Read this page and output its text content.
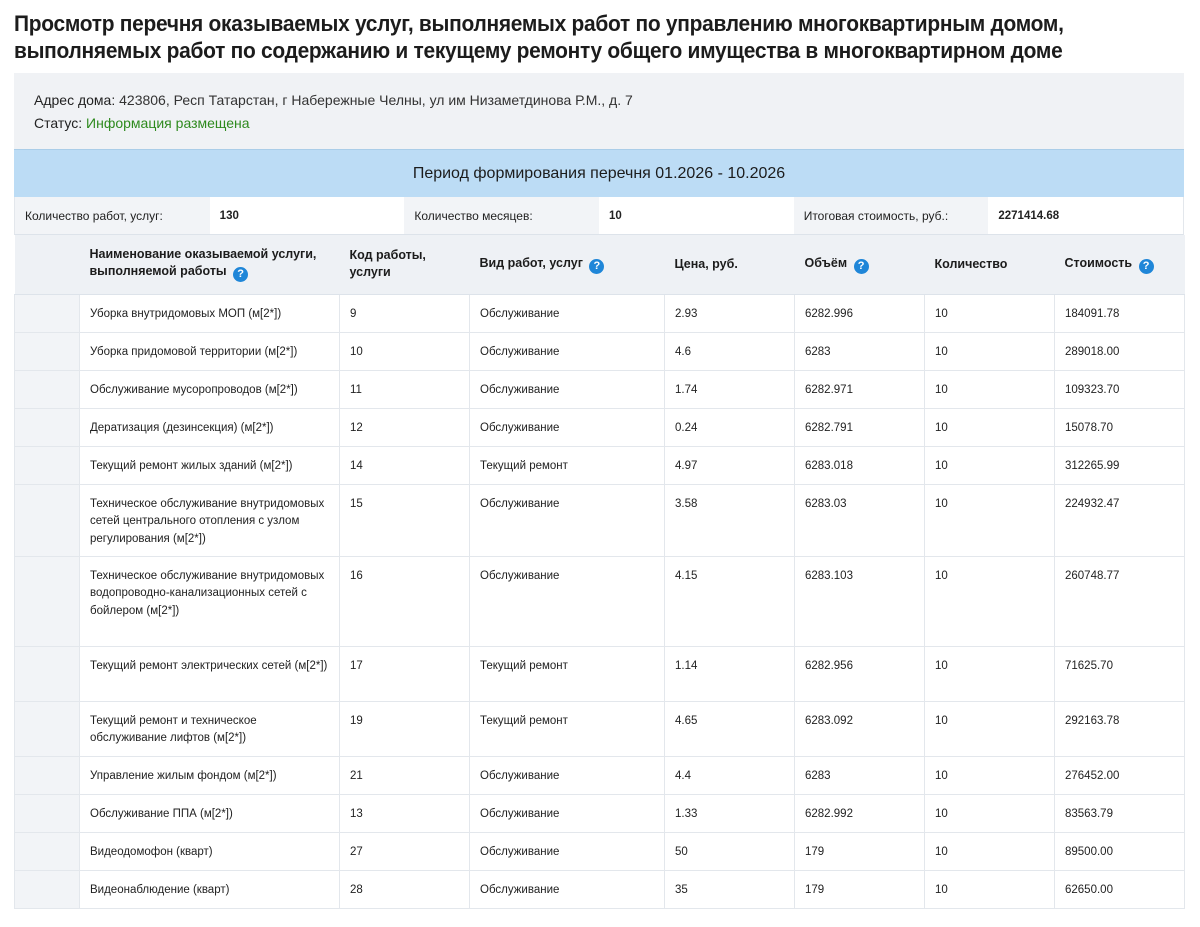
Просмотр перечня оказываемых услуг, выполняемых работ по управлению многоквартирным домом,
выполняемых работ по содержанию и текущему ремонту общего имущества в многоквартирном доме
Адрес дома: 423806, Респ Татарстан, г Набережные Челны, ул им Низаметдинова Р.М., д. 7
Статус: Информация размещена
Период формирования перечня 01.2026 - 10.2026
Количество работ, услуг:	130	Количество месяцев:	10	Итоговая стоимость, руб.:	2271414.68
	Наименование оказываемой услуги, выполняемой работы ?	Код работы, услуги	Вид работ, услуг ?	Цена, руб.	Объём ?	Количество	Стоимость ?
	Уборка внутридомовых МОП (м[2*])	9	Обслуживание	2.93	6282.996	10	184091.78
	Уборка придомовой территории (м[2*])	10	Обслуживание	4.6	6283	10	289018.00
	Обслуживание мусоропроводов (м[2*])	11	Обслуживание	1.74	6282.971	10	109323.70
	Дератизация (дезинсекция) (м[2*])	12	Обслуживание	0.24	6282.791	10	15078.70
	Текущий ремонт жилых зданий (м[2*])	14	Текущий ремонт	4.97	6283.018	10	312265.99
	Техническое обслуживание внутридомовых сетей центрального отопления с узлом регулирования (м[2*])	15	Обслуживание	3.58	6283.03	10	224932.47
	Техническое обслуживание внутридомовых водопроводно-канализационных сетей с бойлером (м[2*])	16	Обслуживание	4.15	6283.103	10	260748.77
	Текущий ремонт электрических сетей (м[2*])	17	Текущий ремонт	1.14	6282.956	10	71625.70
	Текущий ремонт и техническое обслуживание лифтов (м[2*])	19	Текущий ремонт	4.65	6283.092	10	292163.78
	Управление жилым фондом (м[2*])	21	Обслуживание	4.4	6283	10	276452.00
	Обслуживание ППА (м[2*])	13	Обслуживание	1.33	6282.992	10	83563.79
	Видеодомофон (кварт)	27	Обслуживание	50	179	10	89500.00
	Видеонаблюдение (кварт)	28	Обслуживание	35	179	10	62650.00
